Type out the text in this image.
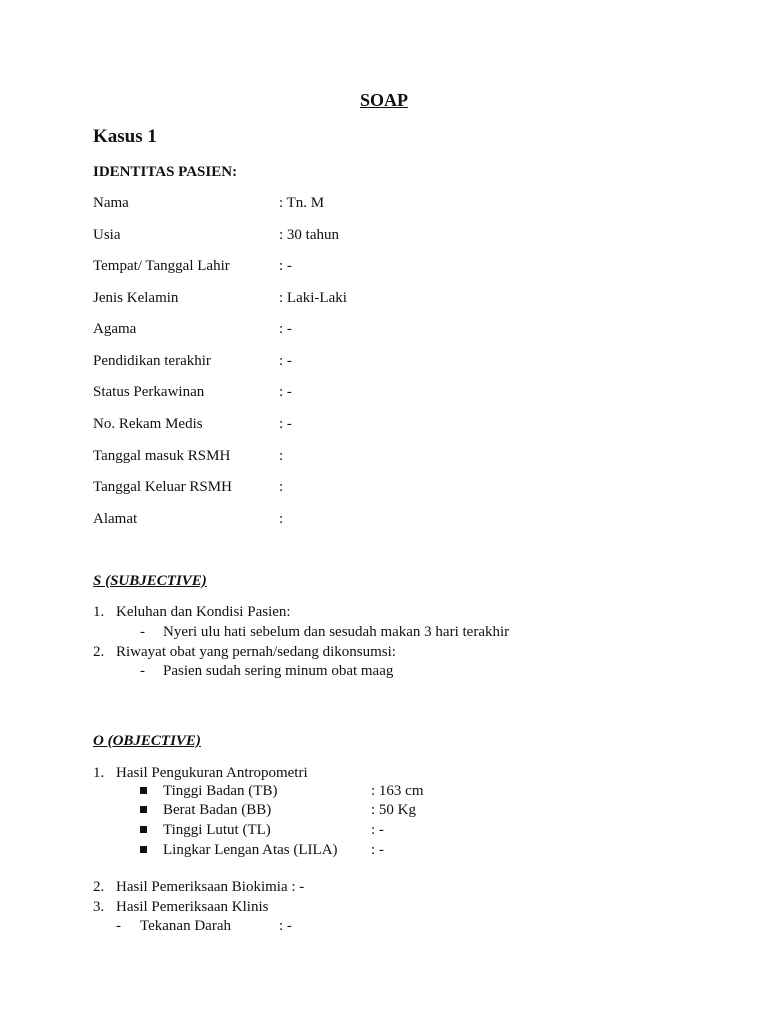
SOAP
Kasus 1
IDENTITAS PASIEN:
Nama	: Tn. M
Usia	: 30 tahun
Tempat/ Tanggal Lahir	: -
Jenis Kelamin	: Laki-Laki
Agama	: -
Pendidikan terakhir	: -
Status Perkawinan	: -
No. Rekam Medis	: -
Tanggal masuk RSMH	:
Tanggal Keluar RSMH	:
Alamat	:
S (SUBJECTIVE)
1. Keluhan dan Kondisi Pasien:
- Nyeri ulu hati sebelum dan sesudah makan 3 hari terakhir
2. Riwayat obat yang pernah/sedang dikonsumsi:
- Pasien sudah sering minum obat maag
O (OBJECTIVE)
1. Hasil Pengukuran Antropometri
Tinggi Badan (TB)	: 163 cm
Berat Badan (BB)	: 50 Kg
Tinggi Lutut (TL)	: -
Lingkar Lengan Atas (LILA) : -
2. Hasil Pemeriksaan Biokimia : -
3. Hasil Pemeriksaan Klinis
- Tekanan Darah	: -
